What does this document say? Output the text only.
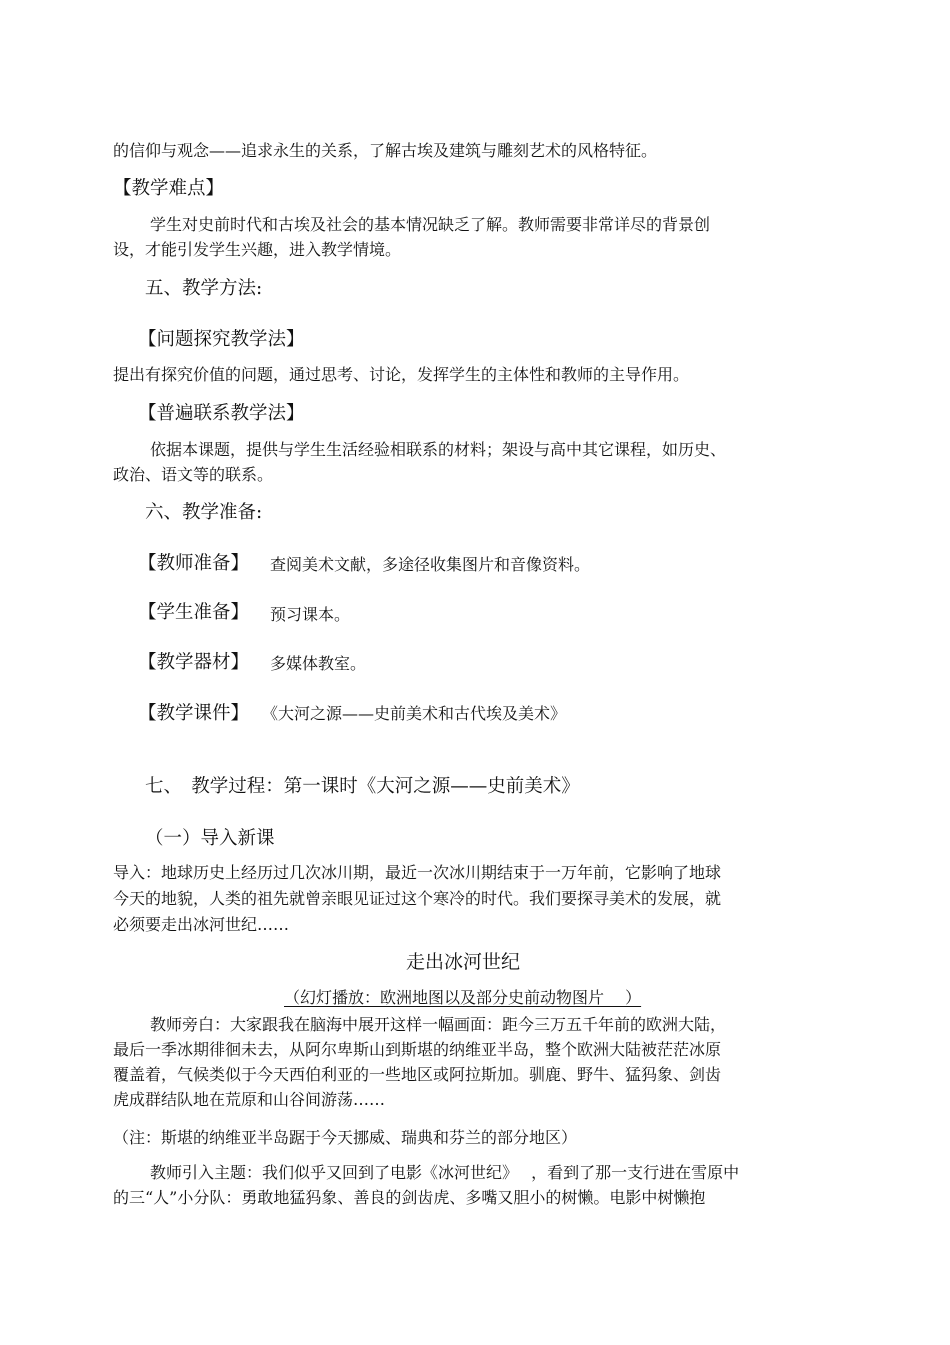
的信仰与观念——追求永生的关系，了解古埃及建筑与雕刻艺术的风格特征。
【教学难点】
学生对史前时代和古埃及社会的基本情况缺乏了解。教师需要非常详尽的背景创
设，才能引发学生兴趣，进入教学情境。
五、教学方法:
【问题探究教学法】
提出有探究价值的问题，通过思考、讨论，发挥学生的主体性和教师的主导作用。
【普遍联系教学法】
依据本课题，提供与学生生活经验相联系的材料；架设与高中其它课程，如历史、
政治、语文等的联系。
六、教学准备:
【教师准备】 查阅美术文献，多途径收集图片和音像资料。
【学生准备】 预习课本。
【教学器材】 多媒体教室。
【教学课件】 《大河之源——史前美术和古代埃及美术》
七、　教学过程：第一课时《大河之源——史前美术》
（一）导入新课
导入：地球历史上经历过几次冰川期，最近一次冰川期结束于一万年前，它影响了地球
今天的地貌，人类的祖先就曾亲眼见证过这个寒冷的时代。我们要探寻美术的发展，就
必须要走出冰河世纪……
走出冰河世纪
（幻灯播放：欧洲地图以及部分史前动物图片　 ）
教师旁白：大家跟我在脑海中展开这样一幅画面：距今三万五千年前的欧洲大陆，
最后一季冰期徘徊未去，从阿尔卑斯山到斯堪的纳维亚半岛，整个欧洲大陆被茫茫冰原
覆盖着，气候类似于今天西伯利亚的一些地区或阿拉斯加。驯鹿、野牛、猛犸象、剑齿
虎成群结队地在荒原和山谷间游荡……
（注：斯堪的纳维亚半岛踞于今天挪威、瑞典和芬兰的部分地区）
教师引入主题：我们似乎又回到了电影《冰河世纪》　 ，看到了那一支行进在雪原中
的三“人”小分队：勇敢地猛犸象、善良的剑齿虎、多嘴又胆小的树懒。电影中树懒抱
